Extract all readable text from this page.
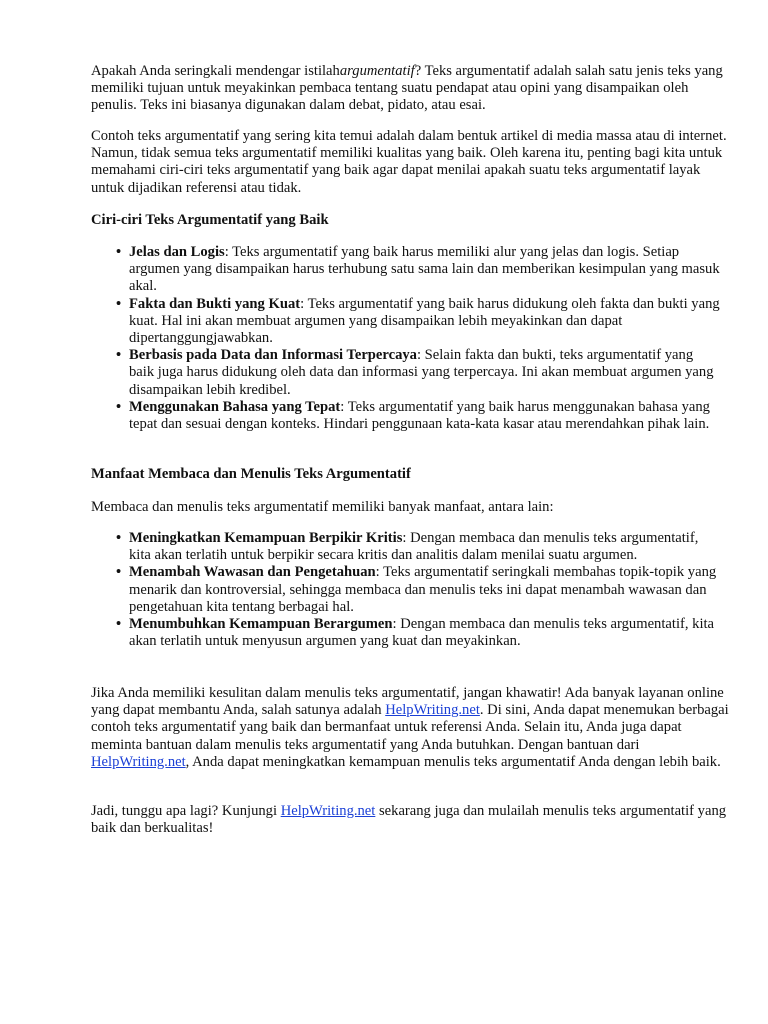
Apakah Anda seringkali mendengar istilahargumentatif? Teks argumentatif adalah salah satu jenis teks yang memiliki tujuan untuk meyakinkan pembaca tentang suatu pendapat atau opini yang disampaikan oleh penulis. Teks ini biasanya digunakan dalam debat, pidato, atau esai.

Contoh teks argumentatif yang sering kita temui adalah dalam bentuk artikel di media massa atau di internet. Namun, tidak semua teks argumentatif memiliki kualitas yang baik. Oleh karena itu, penting bagi kita untuk memahami ciri-ciri teks argumentatif yang baik agar dapat menilai apakah suatu teks argumentatif layak untuk dijadikan referensi atau tidak.

Ciri-ciri Teks Argumentatif yang Baik

• Jelas dan Logis: Teks argumentatif yang baik harus memiliki alur yang jelas dan logis. Setiap argumen yang disampaikan harus terhubung satu sama lain dan memberikan kesimpulan yang masuk akal.
• Fakta dan Bukti yang Kuat: Teks argumentatif yang baik harus didukung oleh fakta dan bukti yang kuat. Hal ini akan membuat argumen yang disampaikan lebih meyakinkan dan dapat dipertanggungjawabkan.
• Berbasis pada Data dan Informasi Terpercaya: Selain fakta dan bukti, teks argumentatif yang baik juga harus didukung oleh data dan informasi yang terpercaya. Ini akan membuat argumen yang disampaikan lebih kredibel.
• Menggunakan Bahasa yang Tepat: Teks argumentatif yang baik harus menggunakan bahasa yang tepat dan sesuai dengan konteks. Hindari penggunaan kata-kata kasar atau merendahkan pihak lain.

Manfaat Membaca dan Menulis Teks Argumentatif

Membaca dan menulis teks argumentatif memiliki banyak manfaat, antara lain:

• Meningkatkan Kemampuan Berpikir Kritis: Dengan membaca dan menulis teks argumentatif, kita akan terlatih untuk berpikir secara kritis dan analitis dalam menilai suatu argumen.
• Menambah Wawasan dan Pengetahuan: Teks argumentatif seringkali membahas topik-topik yang menarik dan kontroversial, sehingga membaca dan menulis teks ini dapat menambah wawasan dan pengetahuan kita tentang berbagai hal.
• Menumbuhkan Kemampuan Berargumen: Dengan membaca dan menulis teks argumentatif, kita akan terlatih untuk menyusun argumen yang kuat dan meyakinkan.

Jika Anda memiliki kesulitan dalam menulis teks argumentatif, jangan khawatir! Ada banyak layanan online yang dapat membantu Anda, salah satunya adalah HelpWriting.net. Di sini, Anda dapat menemukan berbagai contoh teks argumentatif yang baik dan bermanfaat untuk referensi Anda. Selain itu, Anda juga dapat meminta bantuan dalam menulis teks argumentatif yang Anda butuhkan. Dengan bantuan dari HelpWriting.net, Anda dapat meningkatkan kemampuan menulis teks argumentatif Anda dengan lebih baik.

Jadi, tunggu apa lagi? Kunjungi HelpWriting.net sekarang juga dan mulailah menulis teks argumentatif yang baik dan berkualitas!
